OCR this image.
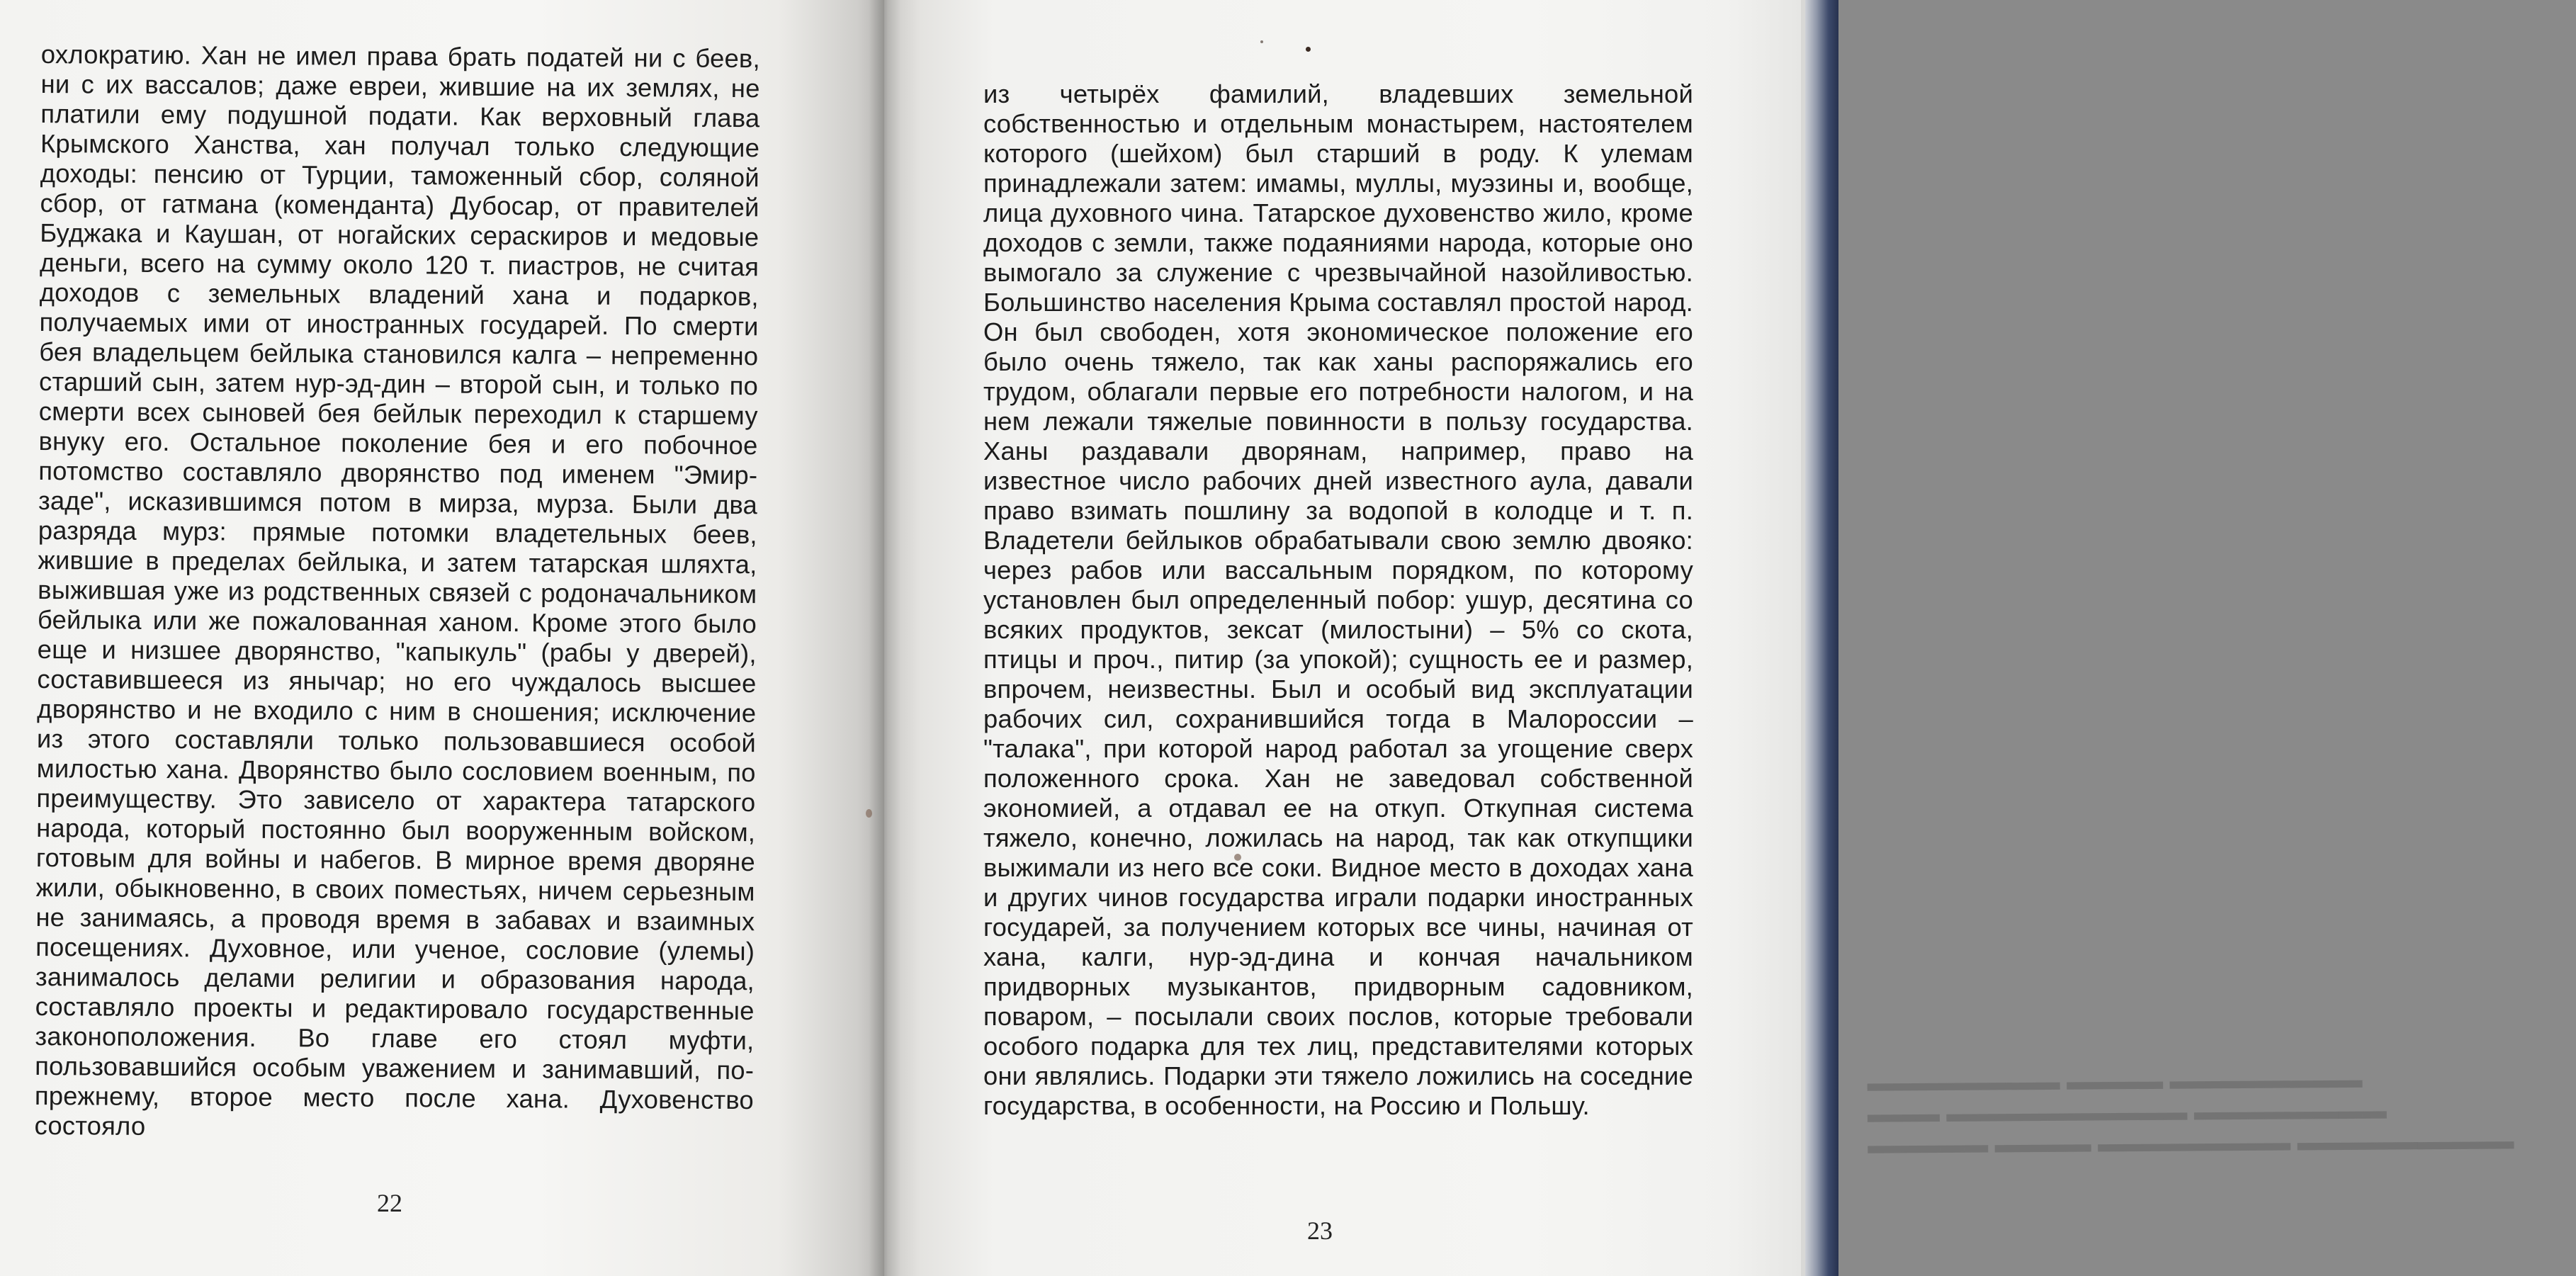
охлократию. Хан не имел права брать податей ни с беев, ни с их вассалов; даже евреи, жившие на их землях, не платили ему подушной подати. Как верховный глава Крымского Ханства, хан получал только следующие доходы: пенсию от Турции, таможенный сбор, соляной сбор, от гатмана (коменданта) Дубосар, от правителей Буджака и Каушан, от ногайских сераскиров и медовые деньги, всего на сумму около 120 т. пиастров, не считая доходов с земельных владений хана и подарков, получаемых ими от иностранных государей. По смерти бея владельцем бейлыка становился калга – непременно старший сын, затем нур-эд-дин – второй сын, и только по смерти всех сыновей бея бейлык переходил к старшему внуку его. Остальное поколение бея и его побочное потомство составляло дворянство под именем "Эмир-заде", исказившимся потом в мирза, мурза. Были два разряда мурз: прямые потомки владетельных беев, жившие в пределах бейлыка, и затем татарская шляхта, выжившая уже из родственных связей с родоначальником бейлыка или же пожалованная ханом. Кроме этого было еще и низшее дворянство, "капыкуль" (рабы у дверей), составившееся из янычар; но его чуждалось высшее дворянство и не входило с ним в сношения; исключение из этого составляли только пользовавшиеся особой милостью хана. Дворянство было сословием военным, по преимуществу. Это зависело от характера татарского народа, который постоянно был вооруженным войском, готовым для войны и набегов. В мирное время дворяне жили, обыкновенно, в своих поместьях, ничем серьезным не занимаясь, а проводя время в забавах и взаимных посещениях. Духовное, или ученое, сословие (улемы) занималось делами религии и образования народа, составляло проекты и редактировало государственные законоположения. Во главе его стоял муфти, пользовавшийся особым уважением и занимавший, по-прежнему, второе место после хана. Духовенство состояло

22
▬▬▬▬▬ ▬▬▬▬ ▬▬▬▬▬▬▬▬ ▬▬▬▬▬▬▬▬▬
▬▬▬ ▬▬▬▬▬▬▬▬▬▬ ▬▬▬▬▬▬▬▬
▬▬▬▬▬▬▬▬ ▬▬▬▬ ▬▬▬▬▬▬▬▬

из четырёх фамилий, владевших земельной собственностью и отдельным монастырем, настоятелем которого (шейхом) был старший в роду. К улемам принадлежали затем: имамы, муллы, муэзины и, вообще, лица духовного чина. Татарское духовенство жило, кроме доходов с земли, также подаяниями народа, которые оно вымогало за служение с чрезвычайной назойливостью. Большинство населения Крыма составлял простой народ. Он был свободен, хотя экономическое положение его было очень тяжело, так как ханы распоряжались его трудом, облагали первые его потребности налогом, и на нем лежали тяжелые повинности в пользу государства. Ханы раздавали дворянам, например, право на известное число рабочих дней известного аула, давали право взимать пошлину за водопой в колодце и т. п. Владетели бейлыков обрабатывали свою землю двояко: через рабов или вассальным порядком, по которому установлен был определенный побор: ушур, десятина со всяких продуктов, зексат (милостыни) – 5% со скота, птицы и проч., питир (за упокой); сущность ее и размер, впрочем, неизвестны. Был и особый вид эксплуатации рабочих сил, сохранившийся тогда в Малороссии – "талака", при которой народ работал за угощение сверх положенного срока. Хан не заведовал собственной экономией, а отдавал ее на откуп. Откупная система тяжело, конечно, ложилась на народ, так как откупщики выжимали из него все соки. Видное место в доходах хана и других чинов государства играли подарки иностранных государей, за получением которых все чины, начиная от хана, калги, нур-эд-дина и кончая начальником придворных музыкантов, придворным садовником, поваром, – посылали своих послов, которые требовали особого подарка для тех лиц, представителями которых они являлись. Подарки эти тяжело ложились на соседние государства, в особенности, на Россию и Польшу.

23
